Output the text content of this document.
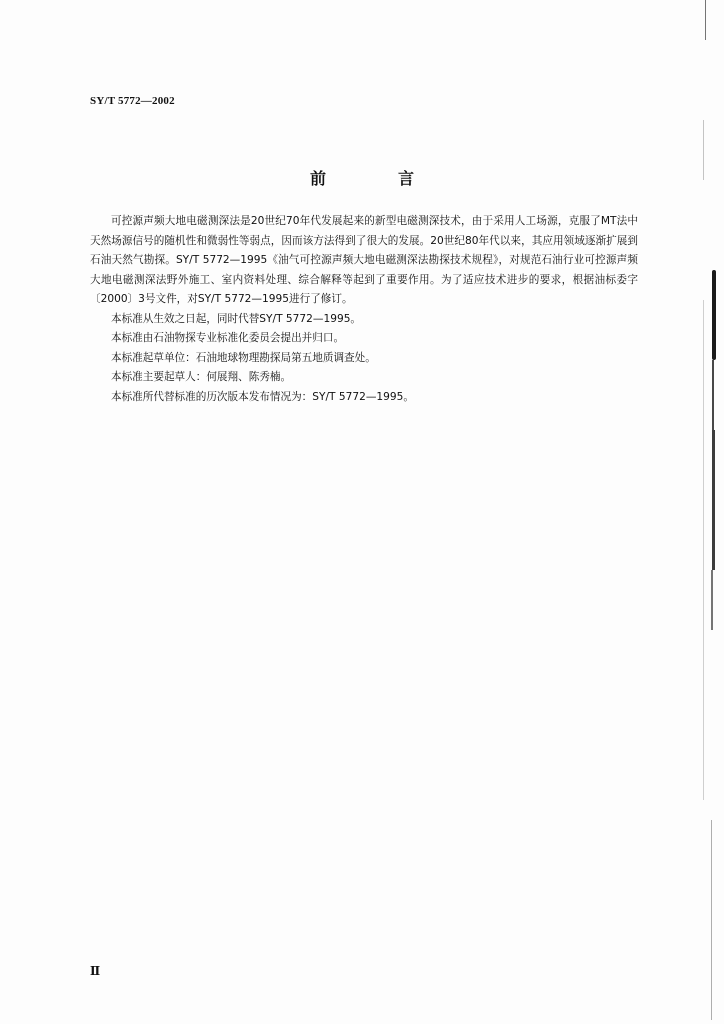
SY/T 5772—2002
前　言

可控源声频大地电磁测深法是20世纪70年代发展起来的新型电磁测深技术，由于采用人工场源，克服了MT法中天然场源信号的随机性和微弱性等弱点，因而该方法得到了很大的发展。20世纪80年代以来，其应用领域逐渐扩展到石油天然气勘探。SY/T 5772—1995《油气可控源声频大地电磁测深法勘探技术规程》，对规范石油行业可控源声频大地电磁测深法野外施工、室内资料处理、综合解释等起到了重要作用。为了适应技术进步的要求，根据油标委字〔2000〕3号文件，对SY/T 5772—1995进行了修订。

本标准从生效之日起，同时代替SY/T 5772—1995。

本标准由石油物探专业标准化委员会提出并归口。

本标准起草单位：石油地球物理勘探局第五地质调查处。

本标准主要起草人：何展翔、陈秀楠。

本标准所代替标准的历次版本发布情况为：SY/T 5772—1995。

Ⅱ
